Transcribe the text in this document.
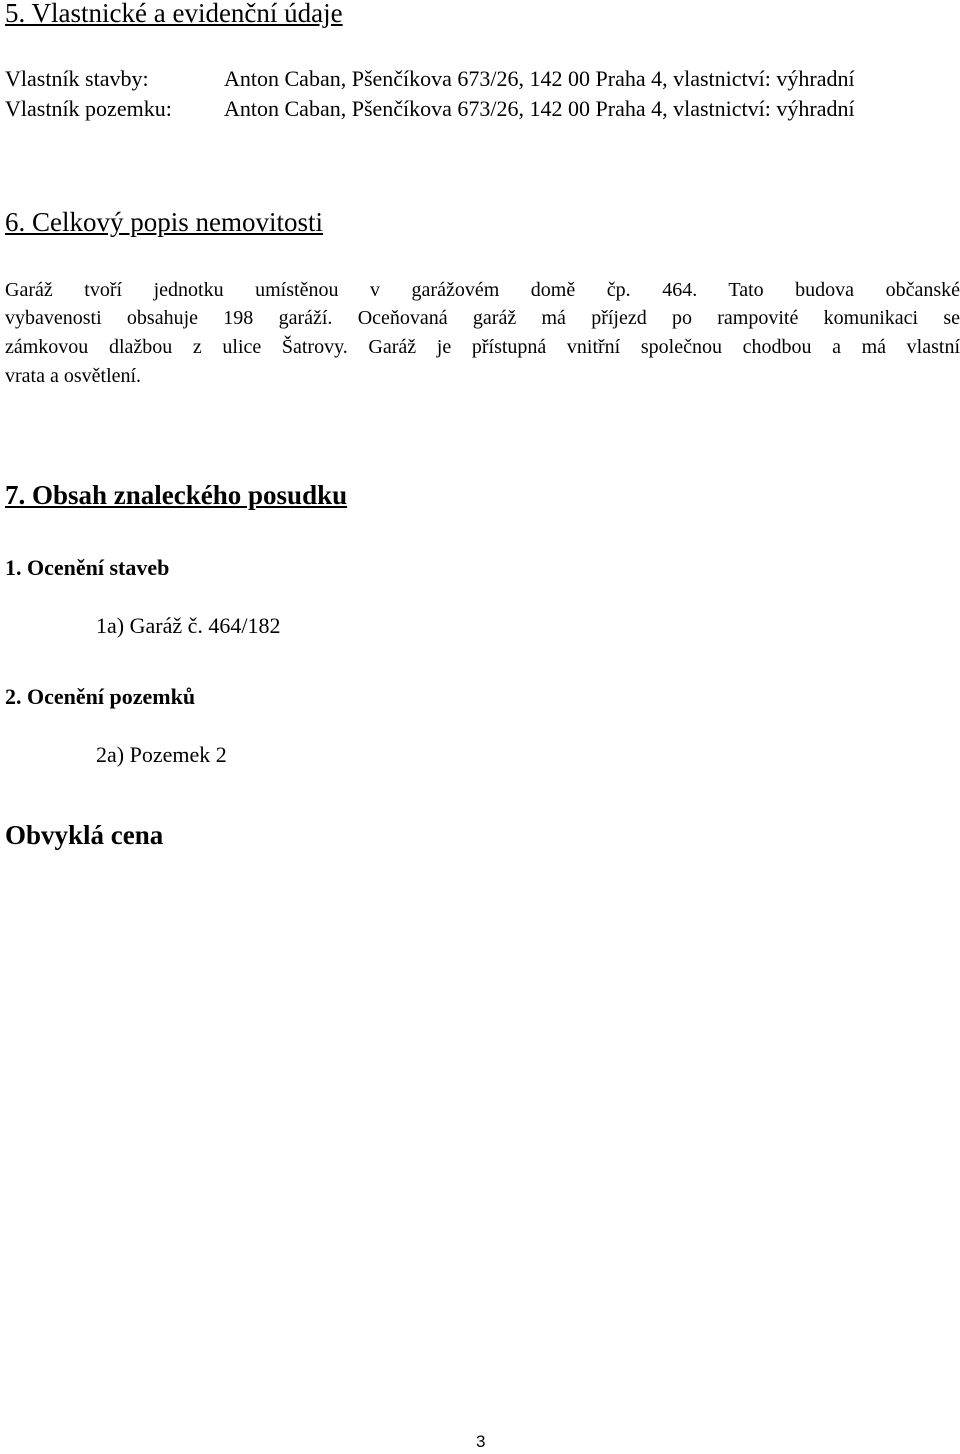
5. Vlastnické a evidenční údaje
Vlastník stavby:	Anton Caban, Pšenčíkova 673/26, 142 00 Praha 4, vlastnictví: výhradní
Vlastník pozemku: Anton Caban, Pšenčíkova 673/26, 142 00 Praha 4, vlastnictví: výhradní
6. Celkový popis nemovitosti
Garáž tvoří jednotku umístěnou v garážovém domě čp. 464. Tato budova občanské
vybavenosti obsahuje 198 garáží. Oceňovaná garáž má příjezd po rampovité komunikaci se
zámkovou dlažbou z ulice Šatrovy. Garáž je přístupná vnitřní společnou chodbou a má vlastní
vrata a osvětlení.
7. Obsah znaleckého posudku
1. Ocenění staveb
1a) Garáž č. 464/182
2. Ocenění pozemků
2a) Pozemek 2
Obvyklá cena
3
